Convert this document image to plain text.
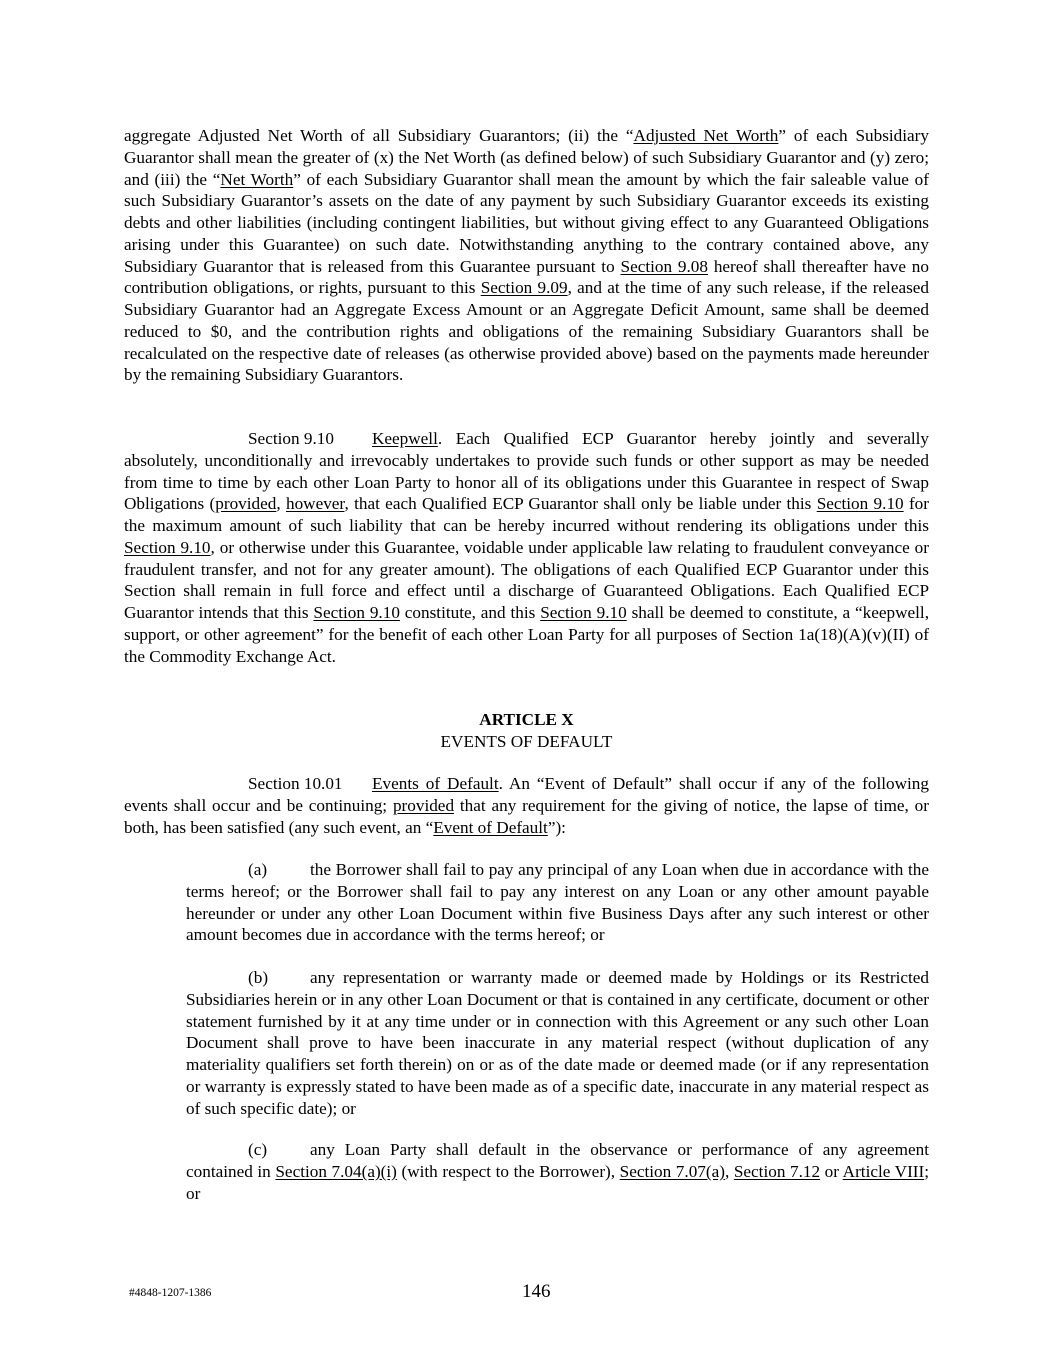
aggregate Adjusted Net Worth of all Subsidiary Guarantors; (ii) the “Adjusted Net Worth” of each Subsidiary Guarantor shall mean the greater of (x) the Net Worth (as defined below) of such Subsidiary Guarantor and (y) zero; and (iii) the “Net Worth” of each Subsidiary Guarantor shall mean the amount by which the fair saleable value of such Subsidiary Guarantor’s assets on the date of any payment by such Subsidiary Guarantor exceeds its existing debts and other liabilities (including contingent liabilities, but without giving effect to any Guaranteed Obligations arising under this Guarantee) on such date. Notwithstanding anything to the contrary contained above, any Subsidiary Guarantor that is released from this Guarantee pursuant to Section 9.08 hereof shall thereafter have no contribution obligations, or rights, pursuant to this Section 9.09, and at the time of any such release, if the released Subsidiary Guarantor had an Aggregate Excess Amount or an Aggregate Deficit Amount, same shall be deemed reduced to $0, and the contribution rights and obligations of the remaining Subsidiary Guarantors shall be recalculated on the respective date of releases (as otherwise provided above) based on the payments made hereunder by the remaining Subsidiary Guarantors.
Section 9.10 Keepwell. Each Qualified ECP Guarantor hereby jointly and severally absolutely, unconditionally and irrevocably undertakes to provide such funds or other support as may be needed from time to time by each other Loan Party to honor all of its obligations under this Guarantee in respect of Swap Obligations (provided, however, that each Qualified ECP Guarantor shall only be liable under this Section 9.10 for the maximum amount of such liability that can be hereby incurred without rendering its obligations under this Section 9.10, or otherwise under this Guarantee, voidable under applicable law relating to fraudulent conveyance or fraudulent transfer, and not for any greater amount). The obligations of each Qualified ECP Guarantor under this Section shall remain in full force and effect until a discharge of Guaranteed Obligations. Each Qualified ECP Guarantor intends that this Section 9.10 constitute, and this Section 9.10 shall be deemed to constitute, a “keepwell, support, or other agreement” for the benefit of each other Loan Party for all purposes of Section 1a(18)(A)(v)(II) of the Commodity Exchange Act.
ARTICLE X
EVENTS OF DEFAULT
Section 10.01 Events of Default. An “Event of Default” shall occur if any of the following events shall occur and be continuing; provided that any requirement for the giving of notice, the lapse of time, or both, has been satisfied (any such event, an “Event of Default”):
(a) the Borrower shall fail to pay any principal of any Loan when due in accordance with the terms hereof; or the Borrower shall fail to pay any interest on any Loan or any other amount payable hereunder or under any other Loan Document within five Business Days after any such interest or other amount becomes due in accordance with the terms hereof; or
(b) any representation or warranty made or deemed made by Holdings or its Restricted Subsidiaries herein or in any other Loan Document or that is contained in any certificate, document or other statement furnished by it at any time under or in connection with this Agreement or any such other Loan Document shall prove to have been inaccurate in any material respect (without duplication of any materiality qualifiers set forth therein) on or as of the date made or deemed made (or if any representation or warranty is expressly stated to have been made as of a specific date, inaccurate in any material respect as of such specific date); or
(c) any Loan Party shall default in the observance or performance of any agreement contained in Section 7.04(a)(i) (with respect to the Borrower), Section 7.07(a), Section 7.12 or Article VIII; or
#4848-1207-1386	146
